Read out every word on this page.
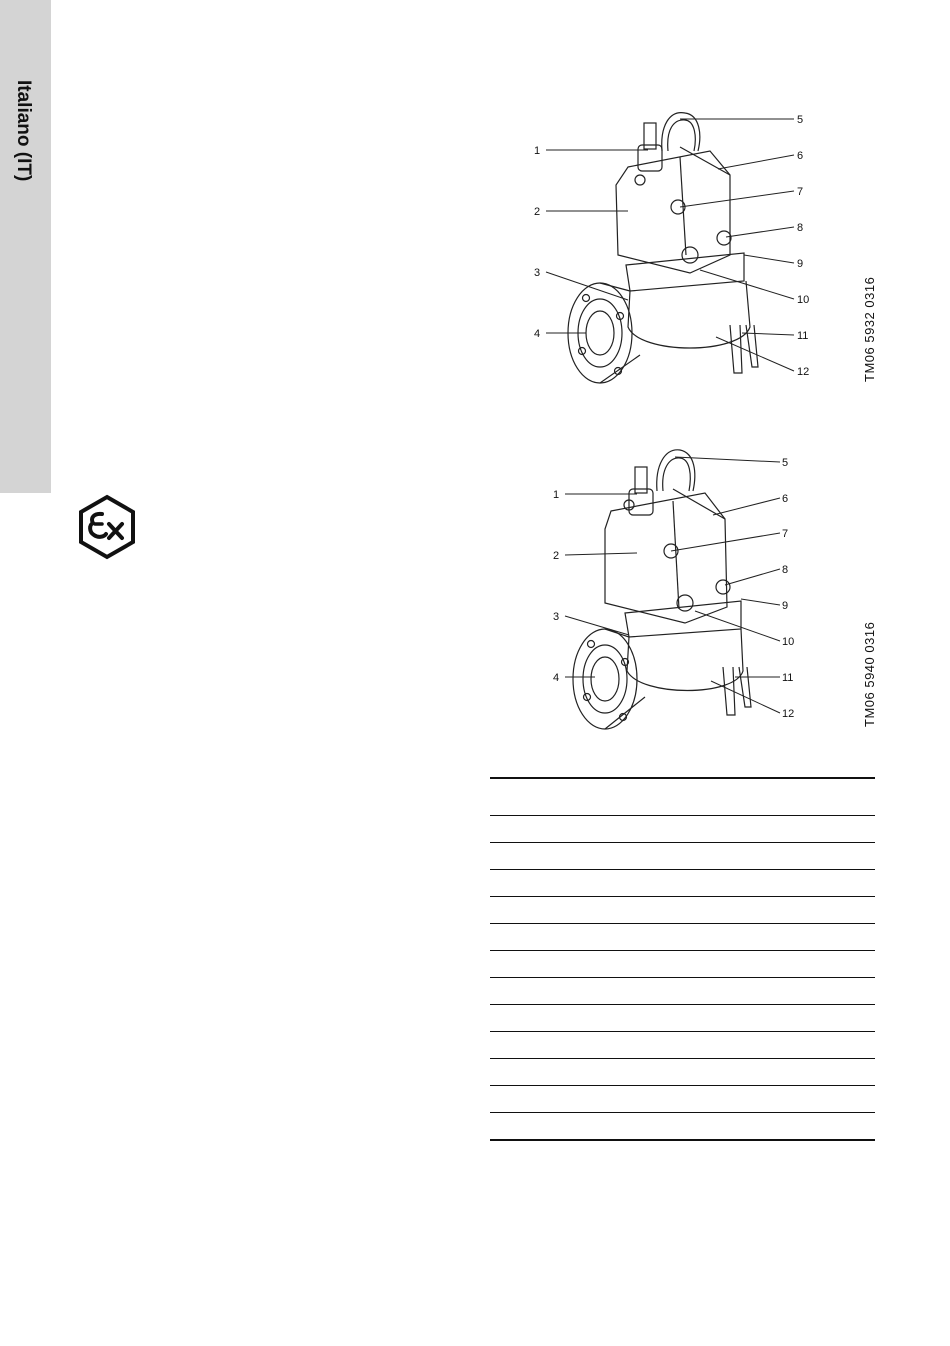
Italiano (IT)	1
2
3
4
5
6
7
8
9
10
11
12	TM06 5932 0316
1
2
3
4
5
6
7
8
9
10
11
12	TM06 5940 0316
